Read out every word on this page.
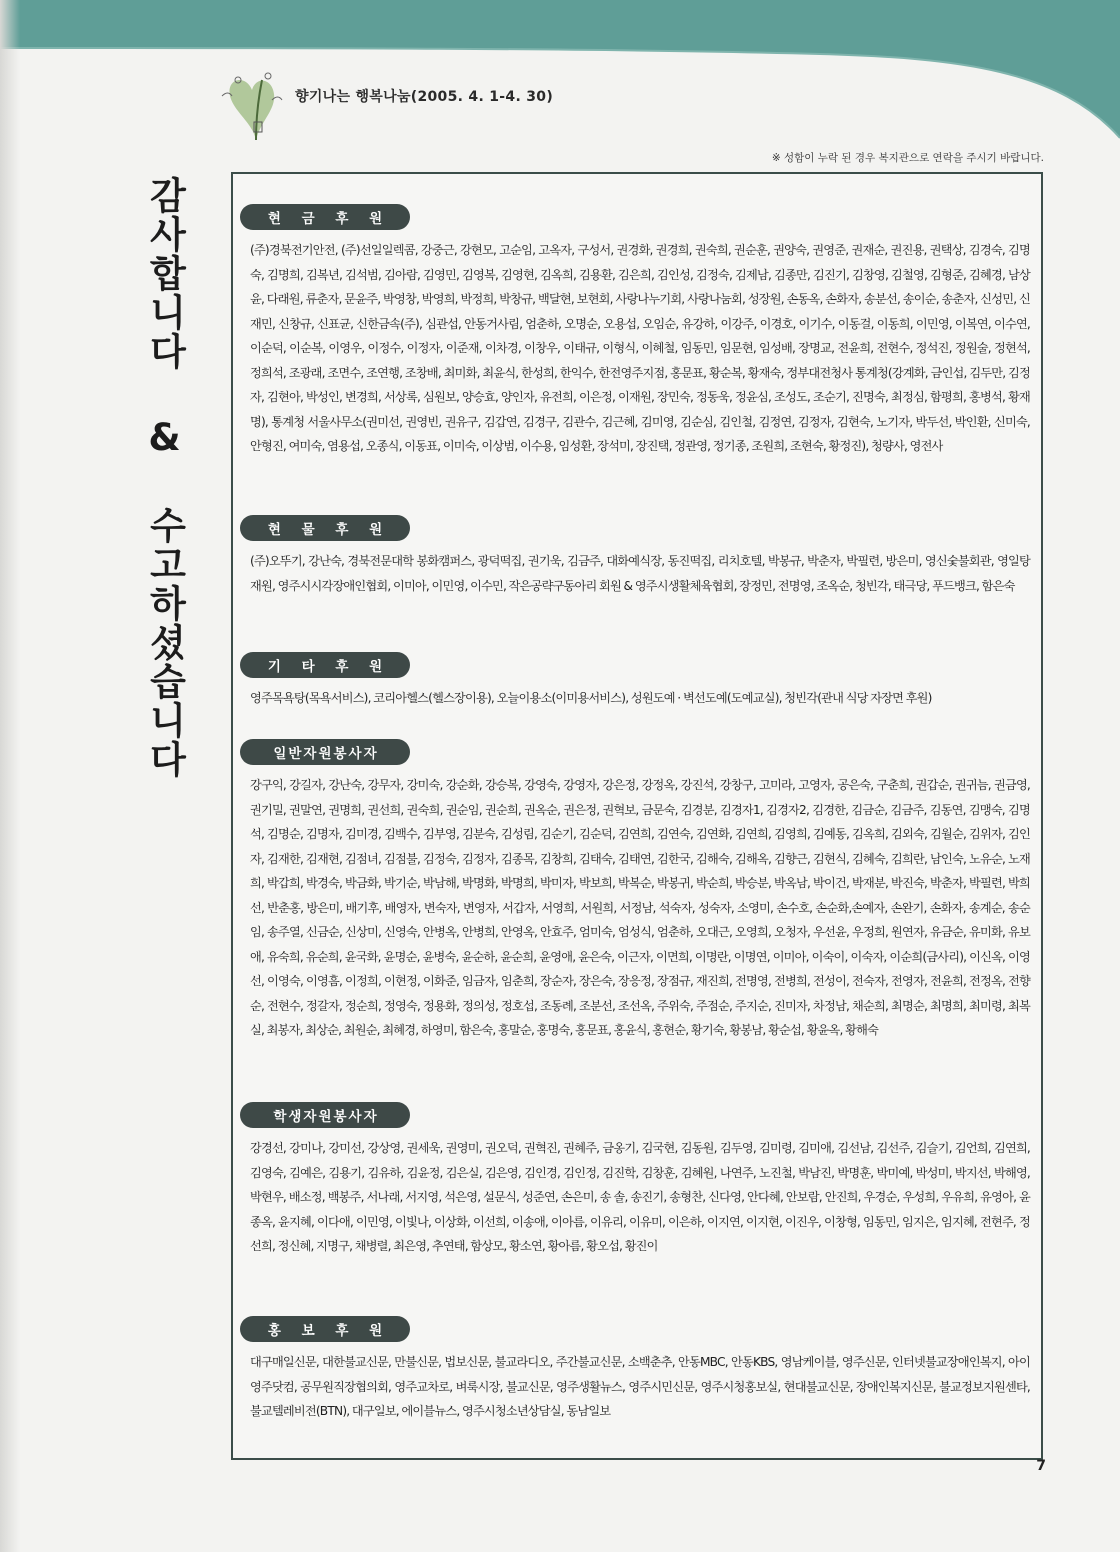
향기나는 행복나눔(2005. 4. 1-4. 30)
※ 성함이 누락 된 경우 복지관으로 연락을 주시기 바랍니다.
감사합니다 & 수고하셨습니다	현 금 후 원
(주)경북전기안전, (주)선일일렉콤, 강중근, 강현모, 고순임, 고옥자, 구성서, 권경화, 권경희, 권숙희, 권순훈, 권양숙, 권영준, 권재순, 권진용, 권택상, 김경숙, 김명숙, 김명희, 김복년, 김석범, 김아람, 김영민, 김영복, 김영현, 김옥희, 김용환, 김은희, 김인성, 김정숙, 김제남, 김종만, 김진기, 김창영, 김철영, 김형준, 김혜경, 남상윤, 다래원, 류춘자, 문윤주, 박영창, 박영희, 박정희, 박창규, 백달현, 보현회, 사랑나누기회, 사랑나눔회, 성장원, 손동옥, 손화자, 송분선, 송이순, 송춘자, 신성민, 신재민, 신창규, 신표균, 신한금속(주), 심관섭, 안동거사림, 엄춘하, 오명순, 오용섭, 오임순, 유강하, 이강주, 이경호, 이기수, 이동걸, 이동희, 이민영, 이복연, 이수연, 이순덕, 이순복, 이영우, 이정수, 이정자, 이준재, 이차경, 이창우, 이태규, 이형식, 이혜철, 임동민, 임문현, 임성배, 장명교, 전윤희, 전현수, 정석진, 정원술, 정현석, 정희석, 조광래, 조면수, 조연행, 조창배, 최미화, 최윤식, 한성희, 한익수, 한전영주지점, 홍문표, 황순복, 황재숙, 정부대전청사 통계청(강계화, 금인섭, 김두만, 김정자, 김현아, 박성인, 변경희, 서상록, 심원보, 양승효, 양인자, 유전희, 이은정, 이재원, 장민숙, 정동욱, 정윤심, 조성도, 조순기, 진명숙, 최정심, 함평희, 홍병석, 황재명), 통계청 서울사무소(권미선, 권영빈, 권유구, 김갑연, 김경구, 김관수, 김근혜, 김미영, 김순심, 김인철, 김정연, 김정자, 김현숙, 노기자, 박두선, 박인환, 신미숙, 안형진, 여미숙, 염용섭, 오종식, 이동표, 이미숙, 이상범, 이수용, 임성환, 장석미, 장진택, 정관영, 정기종, 조원희, 조현숙, 황정진), 청량사, 영전사
현 물 후 원
(주)오뚜기, 강난숙, 경북전문대학 봉화캠퍼스, 광덕떡집, 권기욱, 김금주, 대화예식장, 동진떡집, 리치호텔, 박봉규, 박춘자, 박필련, 방은미, 영신숯불회관, 영일탕재원, 영주시시각장애인협회, 이미아, 이민영, 이수민, 작은공략구동아리 회원 & 영주시생활체육협회, 장정민, 전명영, 조옥순, 청빈각, 태극당, 푸드뱅크, 함은숙
기 타 후 원
영주목욕탕(목욕서비스), 코리아헬스(헬스장이용), 오늘이용소(이미용서비스), 성원도예 · 벽선도예(도예교실), 청빈각(관내 식당 자장면 후원)
일반자원봉사자
강구익, 강길자, 강난숙, 강무자, 강미숙, 강순화, 강승복, 강영숙, 강영자, 강은정, 강정옥, 강진석, 강창구, 고미라, 고영자, 공은숙, 구춘희, 권갑순, 권귀늠, 권금영, 권기밀, 권말연, 권명희, 권선희, 권숙희, 권순임, 권순희, 권옥순, 권은정, 권혁보, 금문숙, 김경분, 김경자1, 김경자2, 김경한, 김금순, 김금주, 김동연, 김맹숙, 김명석, 김명순, 김명자, 김미경, 김백수, 김부영, 김분숙, 김성림, 김순기, 김순덕, 김연희, 김연숙, 김연화, 김연희, 김영희, 김예동, 김옥희, 김외숙, 김월순, 김위자, 김인자, 김재한, 김재현, 김점녀, 김점불, 김정숙, 김정자, 김종목, 김창희, 김태숙, 김태연, 김한국, 김해숙, 김해옥, 김향근, 김현식, 김혜숙, 김희란, 남인숙, 노유순, 노재희, 박갑희, 박경숙, 박금화, 박기순, 박남해, 박명화, 박명희, 박미자, 박보희, 박복순, 박봉귀, 박순희, 박승분, 박옥남, 박이건, 박재분, 박진숙, 박춘자, 박필련, 박희선, 반춘홍, 방은미, 배기후, 배영자, 변숙자, 변영자, 서갑자, 서영희, 서원희, 서정남, 석숙자, 성숙자, 소영미, 손수호, 손순화,손예자, 손완기, 손화자, 송계순, 송순임, 송주열, 신금순, 신상미, 신영숙, 안병옥, 안병희, 안영옥, 안효주, 엄미숙, 엄성식, 엄춘하, 오대근, 오영희, 오청자, 우선윤, 우정희, 원연자, 유금순, 유미화, 유보애, 유숙희, 유순희, 윤국화, 윤명순, 윤병숙, 윤순하, 윤순희, 윤영애, 윤은숙, 이근자, 이면희, 이명란, 이명연, 이미아, 이숙이, 이숙자, 이순희(금사리), 이신옥, 이영선, 이영숙, 이영흠, 이정희, 이현정, 이화준, 임금자, 임춘희, 장순자, 장은숙, 장응정, 장점규, 재진희, 전명영, 전병희, 전성이, 전숙자, 전영자, 전윤희, 전정옥, 전향순, 전현수, 정갈자, 정순희, 정영숙, 정용화, 정의성, 정호섭, 조동례, 조분선, 조선옥, 주위숙, 주점순, 주지순, 진미자, 차정남, 채순희, 최명순, 최명희, 최미령, 최복실, 최봉자, 최상순, 최원순, 최혜경, 하영미, 함은숙, 홍말순, 홍명숙, 홍문표, 홍윤식, 홍현순, 황기숙, 황봉남, 황순섭, 황윤옥, 황해숙
학생자원봉사자
강경선, 강미나, 강미선, 강상영, 권세욱, 권영미, 권오덕, 권혁진, 권혜주, 금옹기, 김국현, 김동원, 김두영, 김미령, 김미애, 김선남, 김선주, 김슬기, 김언희, 김연희, 김영숙, 김예은, 김용기, 김유하, 김윤정, 김은실, 김은영, 김인경, 김인정, 김진학, 김창훈, 김혜원, 나연주, 노진철, 박남진, 박명훈, 박미예, 박성미, 박지선, 박해영, 박현우, 배소정, 백봉주, 서나래, 서지영, 석은영, 설문식, 성준연, 손은미, 송 솔, 송진기, 송형찬, 신다영, 안다혜, 안보람, 안진희, 우경순, 우성희, 우유희, 유영아, 윤종옥, 윤지혜, 이다애, 이민영, 이빛나, 이상화, 이선희, 이송애, 이아름, 이유리, 이유미, 이은하, 이지연, 이지현, 이진우, 이창형, 임동민, 임지은, 임지혜, 전현주, 정선희, 정신혜, 지명구, 채병렬, 최은영, 추연태, 함상모, 황소연, 황아름, 황오섭, 황진이
홍 보 후 원
대구매일신문, 대한불교신문, 만불신문, 법보신문, 불교라디오, 주간불교신문, 소백춘추, 안동MBC, 안동KBS, 영남케이블, 영주신문, 인터넷불교장애인복지, 아이영주닷컴, 공무원직장협의회, 영주교차로, 벼룩시장, 불교신문, 영주생활뉴스, 영주시민신문, 영주시청홍보실, 현대불교신문, 장애인복지신문, 불교정보지원센타, 불교텔레비전(BTN), 대구일보, 에이블뉴스, 영주시청소년상담실, 동남일보
7
